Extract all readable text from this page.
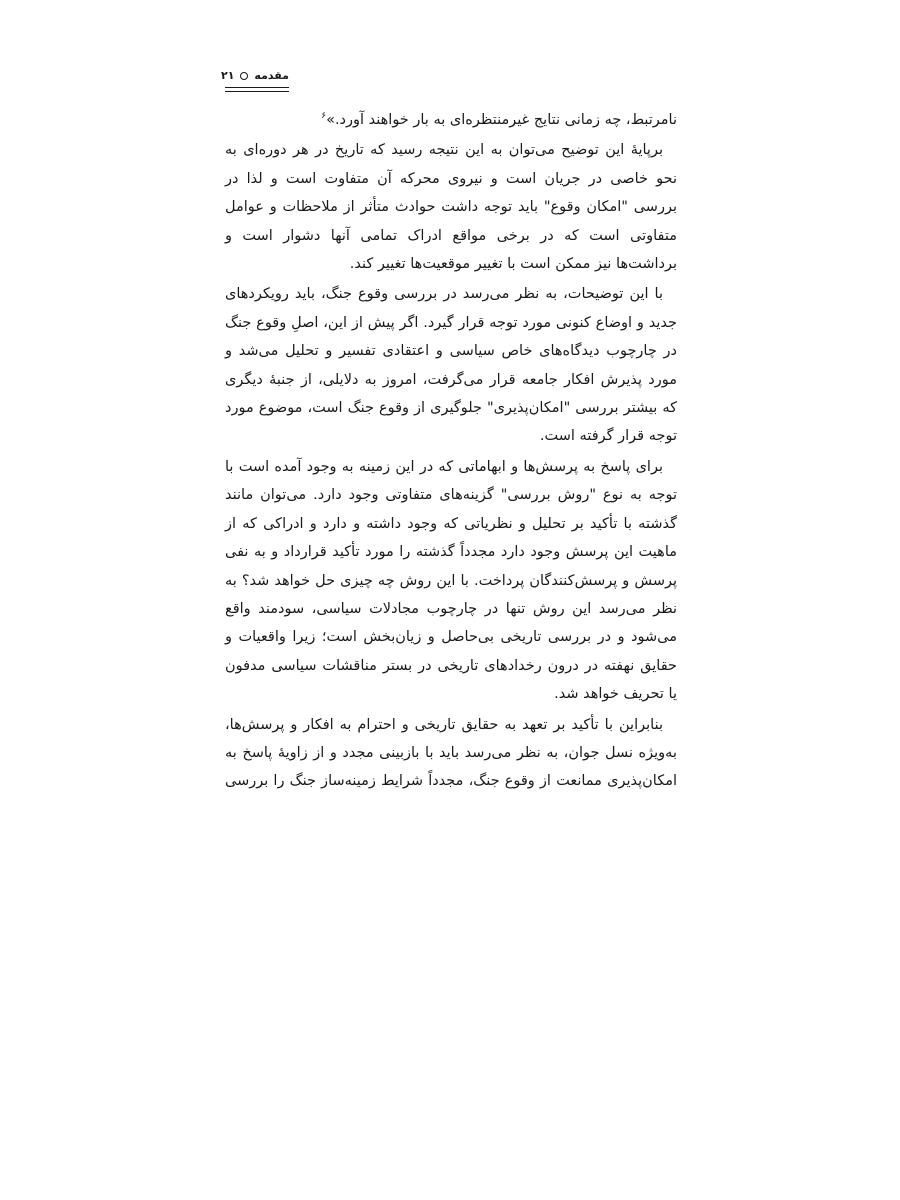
مقدمه۲۱

نامرتبط، چه زمانی نتایج غیرمنتظره‌ای به بار خواهند آورد.»$^۶$

برپایهٔ این توضیح می‌توان به این نتیجه رسید که تاریخ در هر دوره‌ای به نحو خاصی در جریان است و نیروی محرکه آن متفاوت است و لذا در بررسی "امکان وقوع" باید توجه داشت حوادث متأثر از ملاحظات و عوامل متفاوتی است که در برخی مواقع ادراک تمامی آنها دشوار است و برداشت‌ها نیز ممکن است با تغییر موقعیت‌ها تغییر کند.

با این توضیحات، به نظر می‌رسد در بررسی وقوع جنگ، باید رویکردهای جدید و اوضاع کنونی مورد توجه قرار گیرد. اگر پیش از این، اصلِ وقوع جنگ در چارچوب دیدگاه‌های خاص سیاسی و اعتقادی تفسیر و تحلیل می‌شد و مورد پذیرش افکار جامعه قرار می‌گرفت، امروز به دلایلی، از جنبهٔ دیگری که بیشتر بررسی "امکان‌پذیری" جلوگیری از وقوع جنگ است، موضوع مورد توجه قرار گرفته است.

برای پاسخ به پرسش‌ها و ابهاماتی که در این زمینه به وجود آمده است با توجه به نوع "روش بررسی" گزینه‌های متفاوتی وجود دارد. می‌توان مانند گذشته با تأکید بر تحلیل و نظریاتی که وجود داشته و دارد و ادراکی که از ماهیت این پرسش وجود دارد مجدداً گذشته را مورد تأکید قرارداد و به نفی پرسش و پرسش‌کنندگان پرداخت. با این روش چه چیزی حل خواهد شد؟ به نظر می‌رسد این روش تنها در چارچوب مجادلات سیاسی، سودمند واقع می‌شود و در بررسی تاریخی بی‌حاصل و زیان‌بخش است؛ زیرا واقعیات و حقایق نهفته در درون رخدادهای تاریخی در بستر مناقشات سیاسی مدفون یا تحریف خواهد شد.

بنابراین با تأکید بر تعهد به حقایق تاریخی و احترام به افکار و پرسش‌ها، به‌ویژه نسل جوان، به نظر می‌رسد باید با بازبینی مجدد و از زاویهٔ پاسخ به امکان‌پذیری ممانعت از وقوع جنگ، مجدداً شرایط زمینه‌ساز جنگ را بررسی
